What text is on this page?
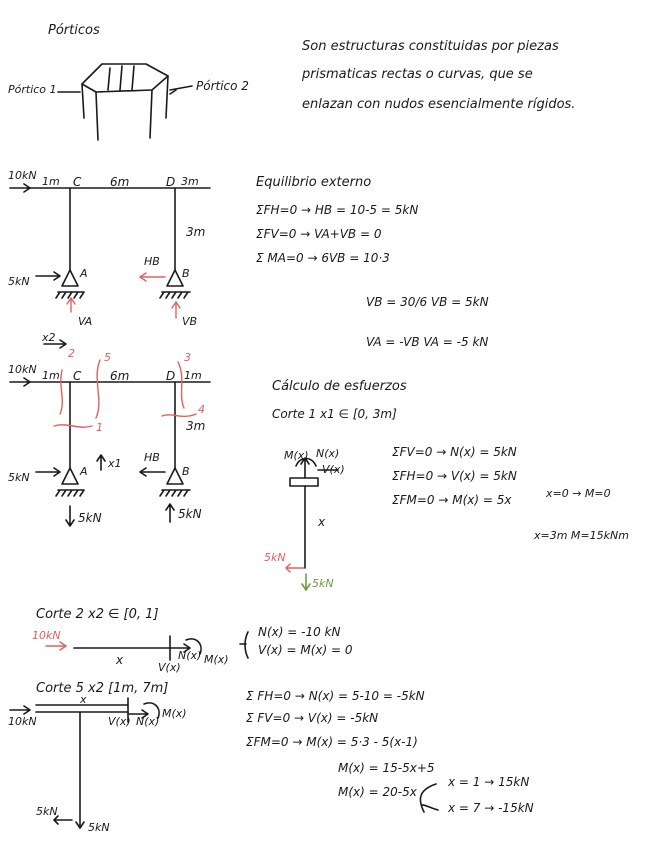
Pórticos
Pórtico 1	Pórtico 2
Son estructuras constituidas por piezas
prismaticas rectas o curvas, que se
enlazan con nudos esencialmente rígidos.
10kN 1m C 6m	D 3m
3m
5kN
A	B
HB
VA	VB
Equilibrio externo
ΣFH=0 → HB = 10-5 = 5kN
ΣFV=0 → VA+VB = 0
Σ MA=0 → 6VB = 10·3
VB = 30/6 VB = 5kN
VA = -VB VA = -5 kN
x2
10kN 1m C 6m	D 1m
3m
5kN	A	B
x1 HB
5kN	5kN
2	5	3
1
4
Cálculo de esfuerzos
Corte 1 x1 ∈ [0, 3m]
N(x)
M(x)
V(x)
x
5kN
5kN
ΣFV=0 → N(x) = 5kN
ΣFH=0 → V(x) = 5kN
ΣFM=0 → M(x) = 5x	x=0 → M=0
x=3m M=15kNm
Corte 2 x2 ∈ [0, 1]
10kN
x
V(x)
N(x) M(x)
N(x) = -10 kN
V(x) = M(x) = 0
Corte 5 x2 [1m, 7m]
x
10kN	V(x) N(x)
M(x)
5kN
5kN
Σ FH=0 → N(x) = 5-10 = -5kN
Σ FV=0 → V(x) = -5kN
ΣFM=0 → M(x) = 5·3 - 5(x-1)
M(x) = 15-5x+5
M(x) = 20-5x
x = 1 → 15kN
x = 7 → -15kN
